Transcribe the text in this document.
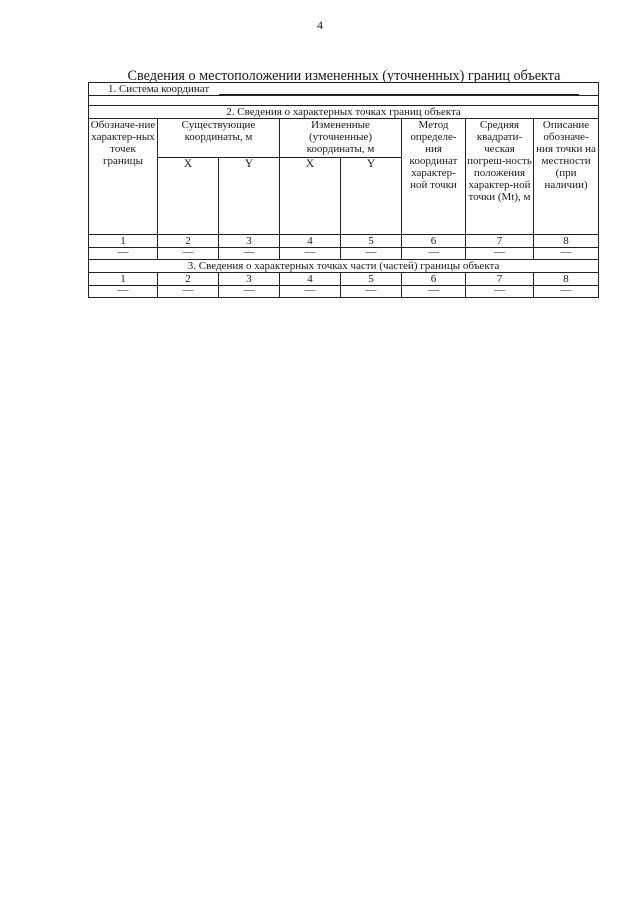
4
Сведения о местоположении измененных (уточненных) границ объекта
1. Система координат							

2. Сведения о характерных точках границ объекта							
Обозначе-ние характер-ных точек границы	Существующие координаты, м		Измененные (уточненные) координаты, м		Метод определе-ния координат характер-ной точки	Средняя квадрати-ческая погреш-ность положения характер-ной точки (Mt), м	Описание обозначе-ния точки на местности (при наличии)
	X	Y	X	Y			
1	2	3	4	5	6	7	8
—	—	—	—	—	—	—	—
3. Сведения о характерных точках части (частей) границы объекта							
1	2	3	4	5	6	7	8
—	—	—	—	—	—	—	—
